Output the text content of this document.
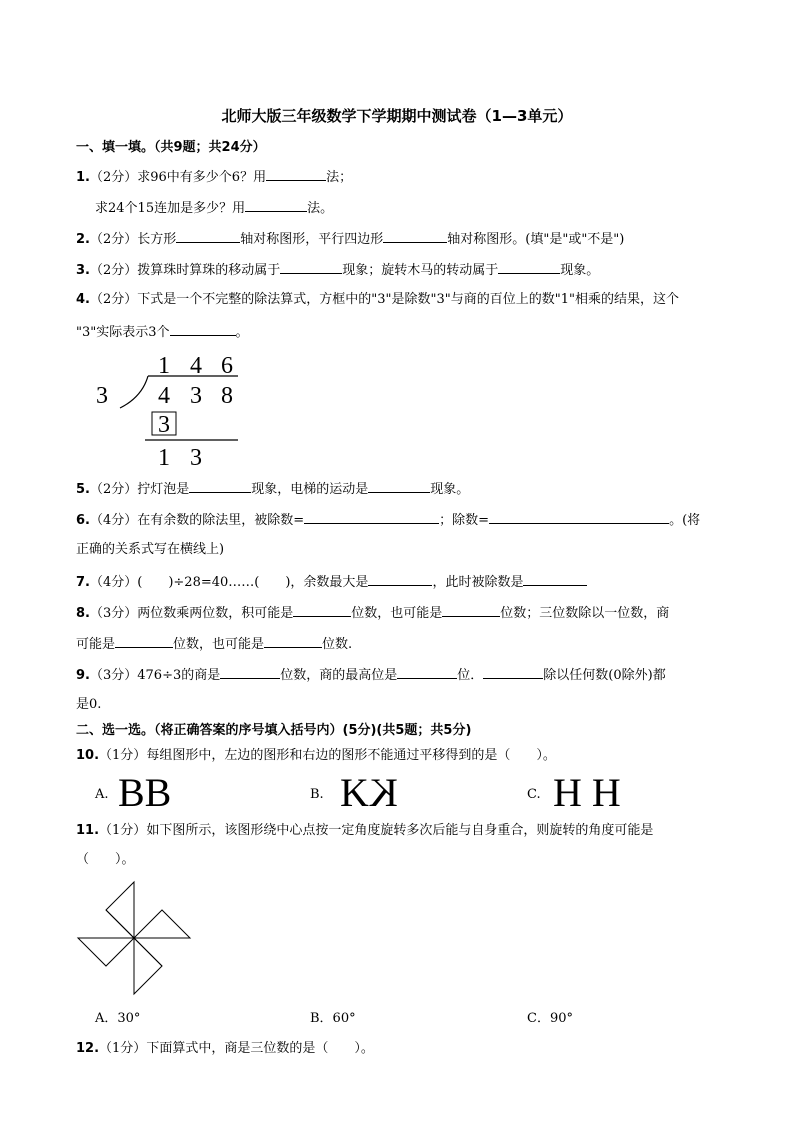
北师大版三年级数学下学期期中测试卷（1—3单元）
一、填一填。（共9题；共24分）
1.（2分）求96中有多少个6？用	法；
求24个15连加是多少？用	法。
2.（2分）长方形	轴对称图形，平行四边形	轴对称图形。(填"是"或"不是")
3.（2分）拨算珠时算珠的移动属于	现象；旋转木马的转动属于	现象。
4.（2分）下式是一个不完整的除法算式，方框中的"3"是除数"3"与商的百位上的数"1"相乘的结果，这个
"3"实际表示3个	。
1 4 6
3 4 3 8
3
1 3
5.（2分）拧灯泡是	现象，电梯的运动是	现象。
6.（4分）在有余数的除法里，被除数=	；除数=	。(将
正确的关系式写在横线上)
7.（4分）(　　)÷28=40……(　　)，余数最大是	，此时被除数是
8.（3分）两位数乘两位数，积可能是	位数，也可能是	位数；三位数除以一位数，商
可能是	位数，也可能是	位数.
9.（3分）476÷3的商是	位数，商的最高位是	位．	除以任何数(0除外)都
是0.
二、选一选。（将正确答案的序号填入括号内）(5分)(共5题；共5分)
10.（1分）每组图形中，左边的图形和右边的图形不能通过平移得到的是（　　）。
A. BB	B. KK	C. H H
11.（1分）如下图所示，该图形绕中心点按一定角度旋转多次后能与自身重合，则旋转的角度可能是
（　　）。
A．30°	B．60°	C．90°
12.（1分）下面算式中，商是三位数的是（　　）。
